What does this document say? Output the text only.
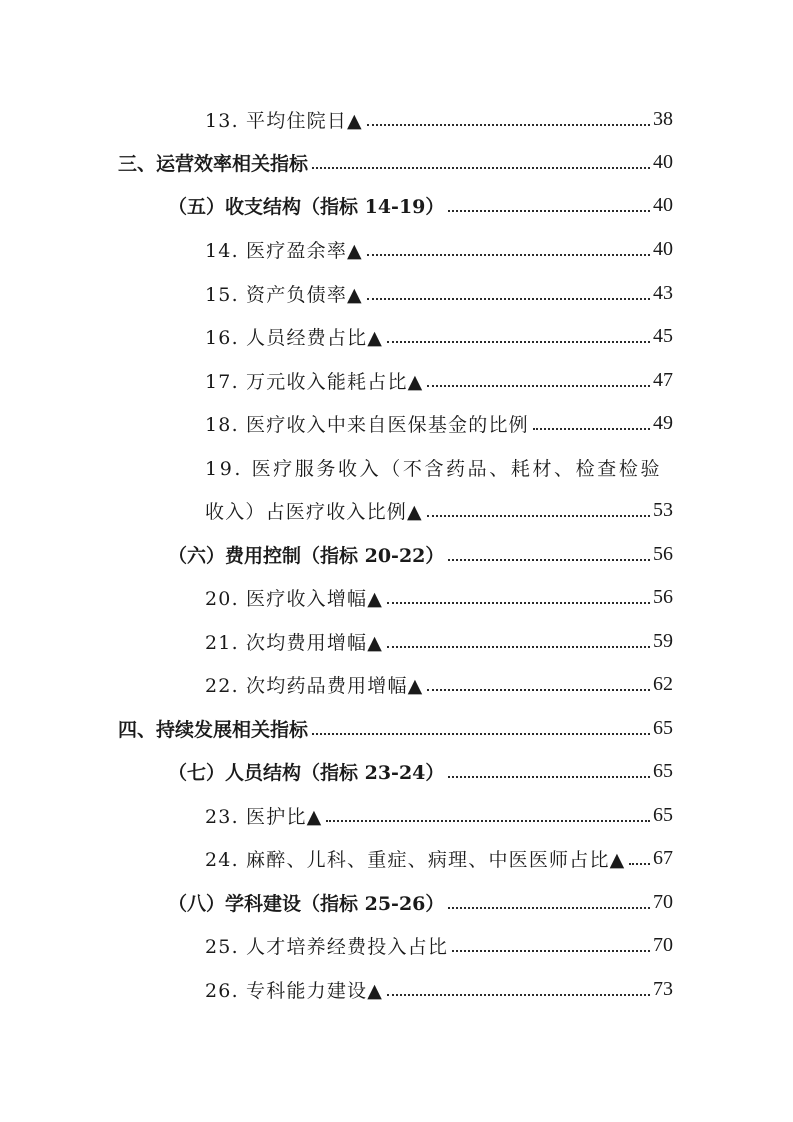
13. 平均住院日▲	38
三、运营效率相关指标	40
（五）收支结构（指标 14-19）	40
14. 医疗盈余率▲	40
15. 资产负债率▲	43
16. 人员经费占比▲	45
17. 万元收入能耗占比▲	47
18. 医疗收入中来自医保基金的比例	49
19. 医疗服务收入（不含药品、耗材、检查检验
收入）占医疗收入比例▲	53
（六）费用控制（指标 20-22）	56
20. 医疗收入增幅▲	56
21. 次均费用增幅▲	59
22. 次均药品费用增幅▲	62
四、持续发展相关指标	65
（七）人员结构（指标 23-24）	65
23. 医护比▲	65
24. 麻醉、儿科、重症、病理、中医医师占比▲ 67
（八）学科建设（指标 25-26）	70
25. 人才培养经费投入占比	70
26. 专科能力建设▲	73
